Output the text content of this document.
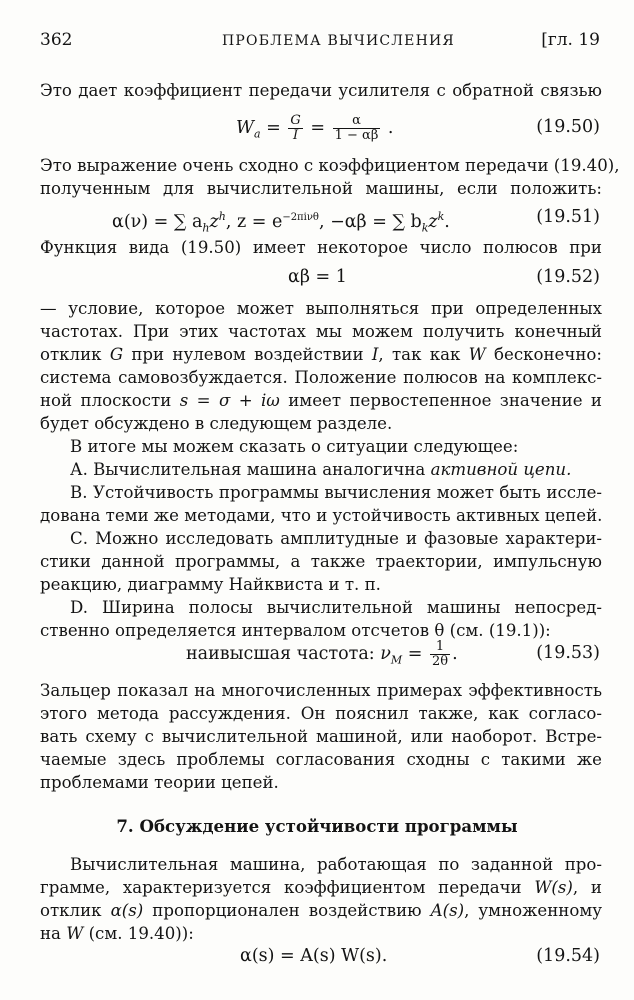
362	ПРОБЛЕМА ВЫЧИСЛЕНИЯ	[гл. 19
Это дает коэффициент передачи усилителя с обратной связью
$W_a = \frac{G}{I} = \frac{\alpha}{1 - \alpha\beta}$ .	(19.50)
Это выражение очень сходно с коэффициентом передачи (19.40),
полученным для вычислительной машины, если положить:
α(ν) = ∑ $a_hz^h$, $z = e^{-2\pi i\nu\theta}$, −αβ = ∑ $b_kz^k$.	(19.51)
Функция вида (19.50) имеет некоторое число полюсов при
αβ = 1	(19.52)
— условие, которое может выполняться при определенных
частотах. При этих частотах мы можем получить конечный
отклик G при нулевом воздействии I, так как W бесконечно:
система самовозбуждается. Положение полюсов на комплекс-
ной плоскости s = σ + iω имеет первостепенное значение и
будет обсуждено в следующем разделе.
В итоге мы можем сказать о ситуации следующее:
А. Вычислительная машина аналогична активной цепи.
В. Устойчивость программы вычисления может быть иссле-
дована теми же методами, что и устойчивость активных цепей.
С. Можно исследовать амплитудные и фазовые характери-
стики данной программы, а также траектории, импульсную
реакцию, диаграмму Найквиста и т. п.
D. Ширина полосы вычислительной машины непосред-
ственно определяется интервалом отсчетов θ (см. (19.1)):
наивысшая частота: $\nu_M = \frac{1}{2\theta}$ .	(19.53)
Зальцер показал на многочисленных примерах эффективность
этого метода рассуждения. Он пояснил также, как согласо-
вать схему с вычислительной машиной, или наоборот. Встре-
чаемые здесь проблемы согласования сходны с такими же
проблемами теории цепей.
7. Обсуждение устойчивости программы
Вычислительная машина, работающая по заданной про-
грамме, характеризуется коэффициентом передачи W(s), и
отклик α(s) пропорционален воздействию A(s), умноженному
на W (см. 19.40)):
α(s) = A(s) W(s).	(19.54)
